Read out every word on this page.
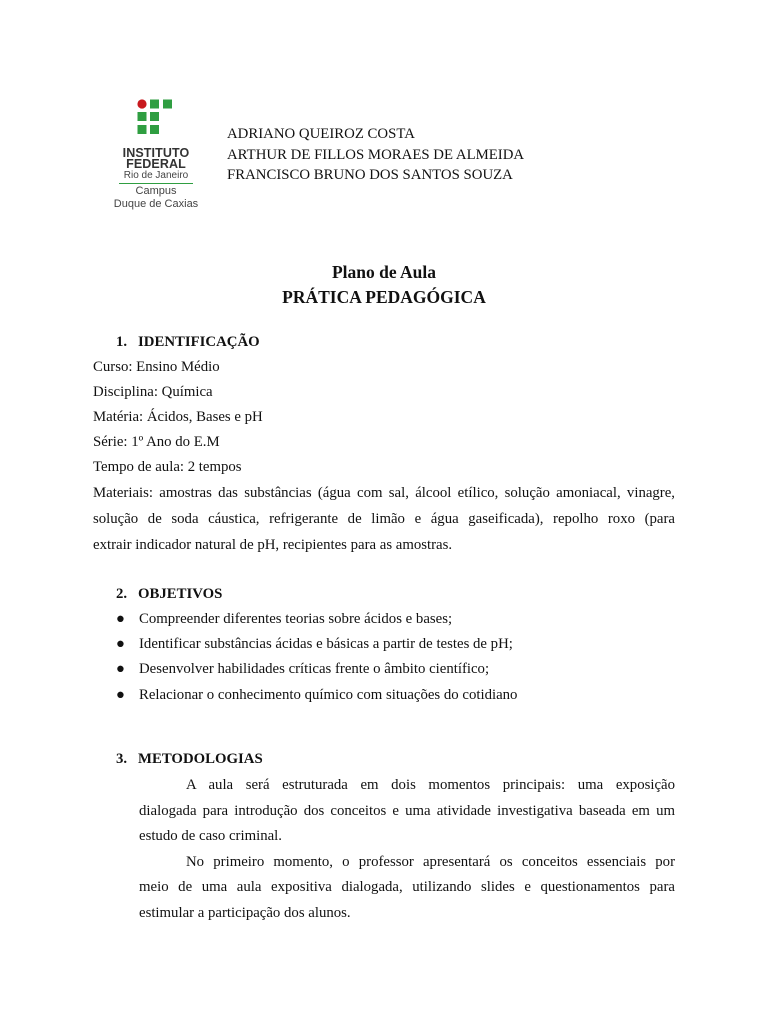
INSTITUTO
FEDERAL
Rio de Janeiro
Campus
Duque de Caxias
ADRIANO QUEIROZ COSTA
ARTHUR DE FILLOS MORAES DE ALMEIDA
FRANCISCO BRUNO DOS SANTOS SOUZA
Plano de Aula
PRÁTICA PEDAGÓGICA
1. IDENTIFICAÇÃO
Curso: Ensino Médio
Disciplina: Química
Matéria: Ácidos, Bases e pH
Série: 1º Ano do E.M
Tempo de aula: 2 tempos
Materiais: amostras das substâncias (água com sal, álcool etílico, solução amoniacal, vinagre,
solução de soda cáustica, refrigerante de limão e água gaseificada), repolho roxo (para
extrair indicador natural de pH, recipientes para as amostras.
2. OBJETIVOS
● Compreender diferentes teorias sobre ácidos e bases;
● Identificar substâncias ácidas e básicas a partir de testes de pH;
● Desenvolver habilidades críticas frente o âmbito científico;
● Relacionar o conhecimento químico com situações do cotidiano
3. METODOLOGIAS
A aula será estruturada em dois momentos principais: uma exposição
dialogada para introdução dos conceitos e uma atividade investigativa baseada em um
estudo de caso criminal.
No primeiro momento, o professor apresentará os conceitos essenciais por
meio de uma aula expositiva dialogada, utilizando slides e questionamentos para
estimular a participação dos alunos.
